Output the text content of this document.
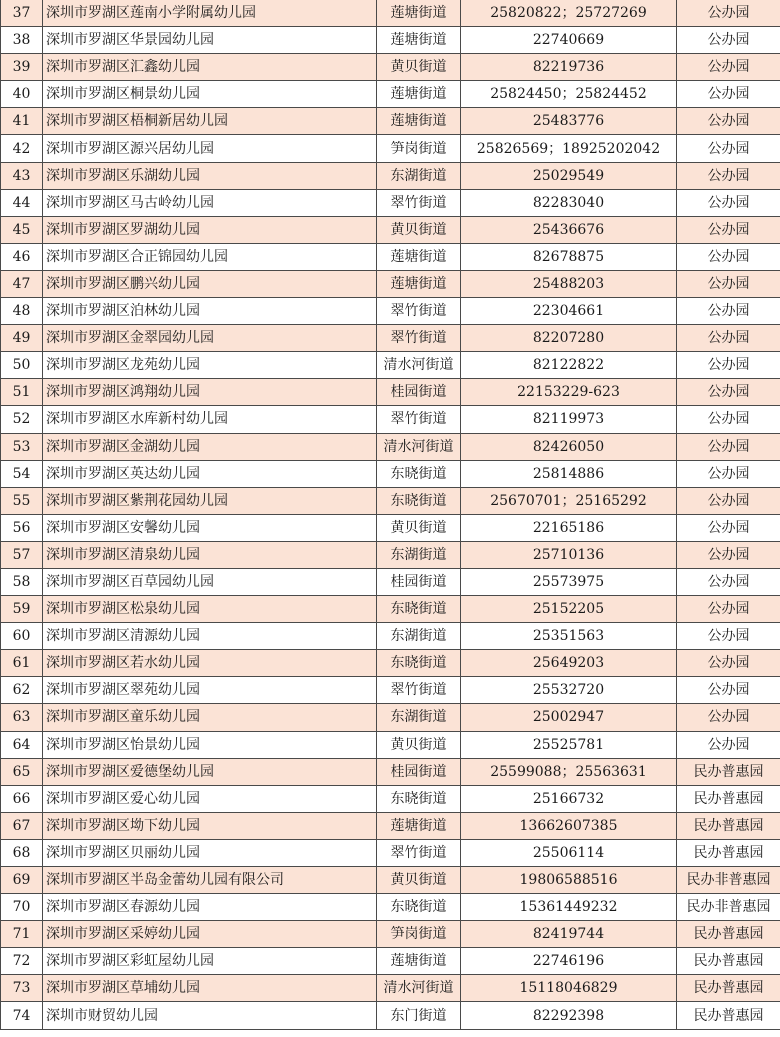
37	深圳市罗湖区莲南小学附属幼儿园	莲塘街道	25820822；25727269	公办园
38	深圳市罗湖区华景园幼儿园	莲塘街道	22740669	公办园
39	深圳市罗湖区汇鑫幼儿园	黄贝街道	82219736	公办园
40	深圳市罗湖区桐景幼儿园	莲塘街道	25824450；25824452	公办园
41	深圳市罗湖区梧桐新居幼儿园	莲塘街道	25483776	公办园
42	深圳市罗湖区源兴居幼儿园	笋岗街道	25826569；18925202042	公办园
43	深圳市罗湖区乐湖幼儿园	东湖街道	25029549	公办园
44	深圳市罗湖区马古岭幼儿园	翠竹街道	82283040	公办园
45	深圳市罗湖区罗湖幼儿园	黄贝街道	25436676	公办园
46	深圳市罗湖区合正锦园幼儿园	莲塘街道	82678875	公办园
47	深圳市罗湖区鹏兴幼儿园	莲塘街道	25488203	公办园
48	深圳市罗湖区泊林幼儿园	翠竹街道	22304661	公办园
49	深圳市罗湖区金翠园幼儿园	翠竹街道	82207280	公办园
50	深圳市罗湖区龙苑幼儿园	清水河街道	82122822	公办园
51	深圳市罗湖区鸿翔幼儿园	桂园街道	22153229-623	公办园
52	深圳市罗湖区水库新村幼儿园	翠竹街道	82119973	公办园
53	深圳市罗湖区金湖幼儿园	清水河街道	82426050	公办园
54	深圳市罗湖区英达幼儿园	东晓街道	25814886	公办园
55	深圳市罗湖区紫荆花园幼儿园	东晓街道	25670701；25165292	公办园
56	深圳市罗湖区安馨幼儿园	黄贝街道	22165186	公办园
57	深圳市罗湖区清泉幼儿园	东湖街道	25710136	公办园
58	深圳市罗湖区百草园幼儿园	桂园街道	25573975	公办园
59	深圳市罗湖区松泉幼儿园	东晓街道	25152205	公办园
60	深圳市罗湖区清源幼儿园	东湖街道	25351563	公办园
61	深圳市罗湖区若水幼儿园	东晓街道	25649203	公办园
62	深圳市罗湖区翠苑幼儿园	翠竹街道	25532720	公办园
63	深圳市罗湖区童乐幼儿园	东湖街道	25002947	公办园
64	深圳市罗湖区怡景幼儿园	黄贝街道	25525781	公办园
65	深圳市罗湖区爱德堡幼儿园	桂园街道	25599088；25563631	民办普惠园
66	深圳市罗湖区爱心幼儿园	东晓街道	25166732	民办普惠园
67	深圳市罗湖区坳下幼儿园	莲塘街道	13662607385	民办普惠园
68	深圳市罗湖区贝丽幼儿园	翠竹街道	25506114	民办普惠园
69	深圳市罗湖区半岛金蕾幼儿园有限公司	黄贝街道	19806588516	民办非普惠园
70	深圳市罗湖区春源幼儿园	东晓街道	15361449232	民办非普惠园
71	深圳市罗湖区采婷幼儿园	笋岗街道	82419744	民办普惠园
72	深圳市罗湖区彩虹屋幼儿园	莲塘街道	22746196	民办普惠园
73	深圳市罗湖区草埔幼儿园	清水河街道	15118046829	民办普惠园
74	深圳市财贸幼儿园	东门街道	82292398	民办普惠园
